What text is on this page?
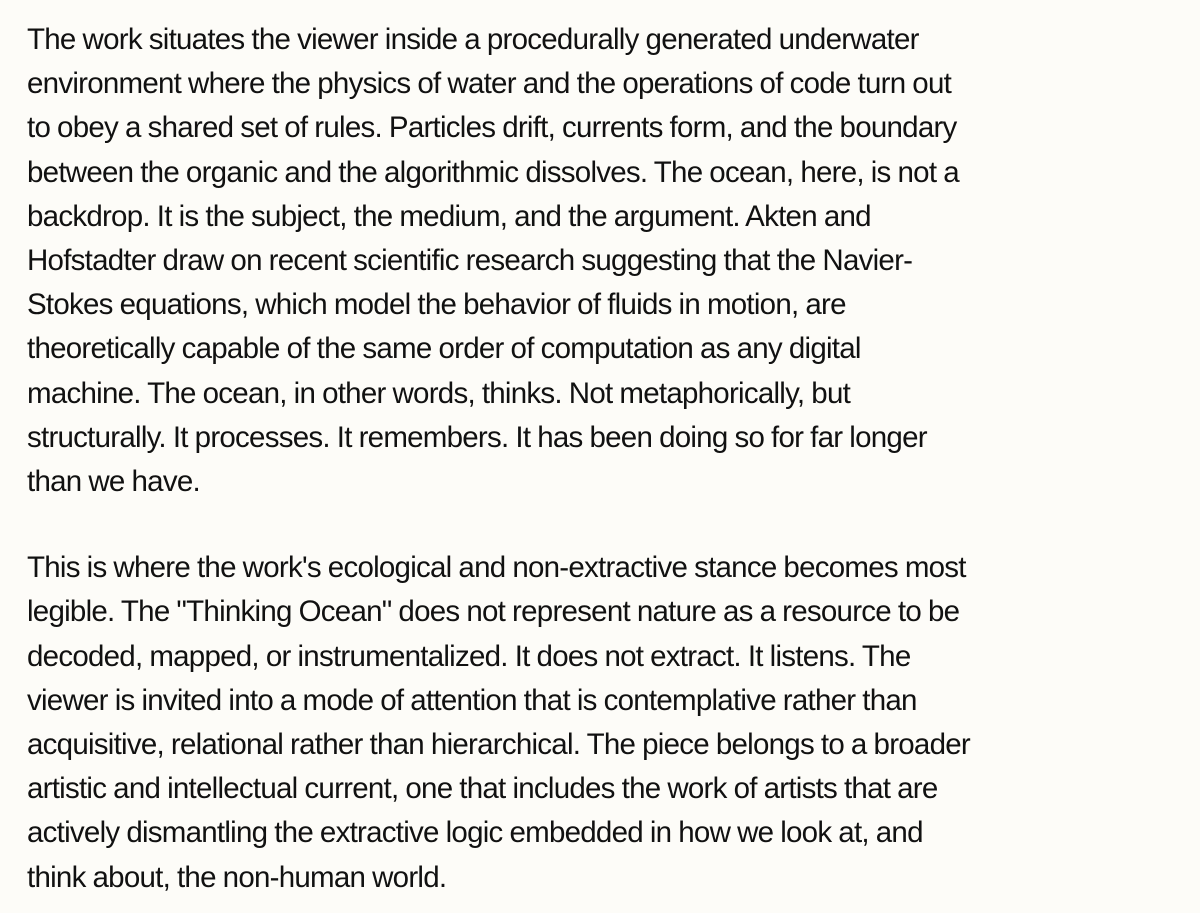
The work situates the viewer inside a procedurally generated underwater
environment where the physics of water and the operations of code turn out
to obey a shared set of rules. Particles drift, currents form, and the boundary
between the organic and the algorithmic dissolves. The ocean, here, is not a
backdrop. It is the subject, the medium, and the argument. Akten and
Hofstadter draw on recent scientific research suggesting that the Navier-
Stokes equations, which model the behavior of fluids in motion, are
theoretically capable of the same order of computation as any digital
machine. The ocean, in other words, thinks. Not metaphorically, but
structurally. It processes. It remembers. It has been doing so for far longer
than we have.

This is where the work's ecological and non-extractive stance becomes most
legible. The "Thinking Ocean" does not represent nature as a resource to be
decoded, mapped, or instrumentalized. It does not extract. It listens. The
viewer is invited into a mode of attention that is contemplative rather than
acquisitive, relational rather than hierarchical. The piece belongs to a broader
artistic and intellectual current, one that includes the work of artists that are
actively dismantling the extractive logic embedded in how we look at, and
think about, the non-human world.
